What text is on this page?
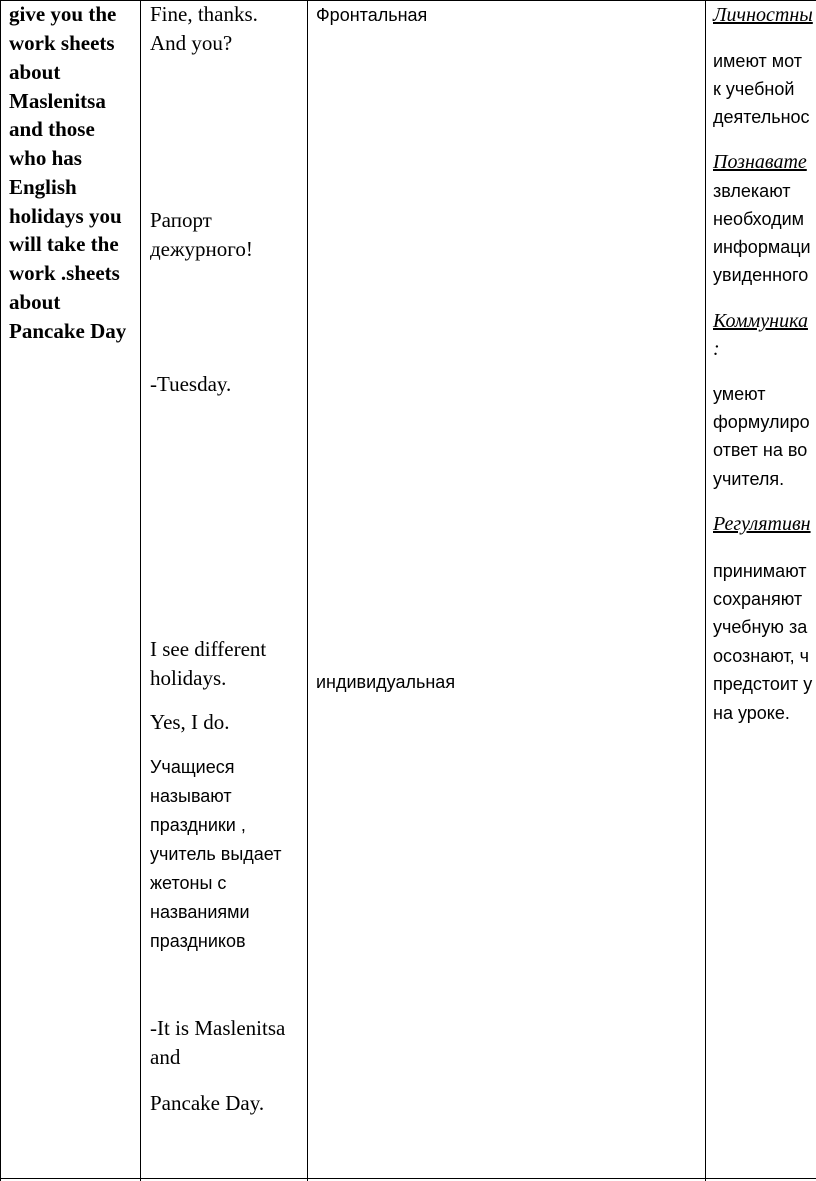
give you the
work sheets
about
Maslenitsa
and those
who has
English
holidays you
will take the
work .sheets
about
Pancake Day
Fine, thanks.
And you?
Рапорт
дежурного!
-Tuesday.
I see different
holidays.
Yes, I do.
Учащиеся
называют
праздники ,
учитель выдает
жетоны с
названиями
праздников
-It is Maslenitsa
and
Pancake Day.
Фронтальная
индивидуальная
Личностны
имеют мот
к учебной
деятельнос
Познавате
звлекают
необходим
информаци
увиденного
Коммуника
:
умеют
формулиро
ответ на во
учителя.
Регулятивн
принимают
сохраняют
учебную за
осознают, ч
предстоит у
на уроке.
